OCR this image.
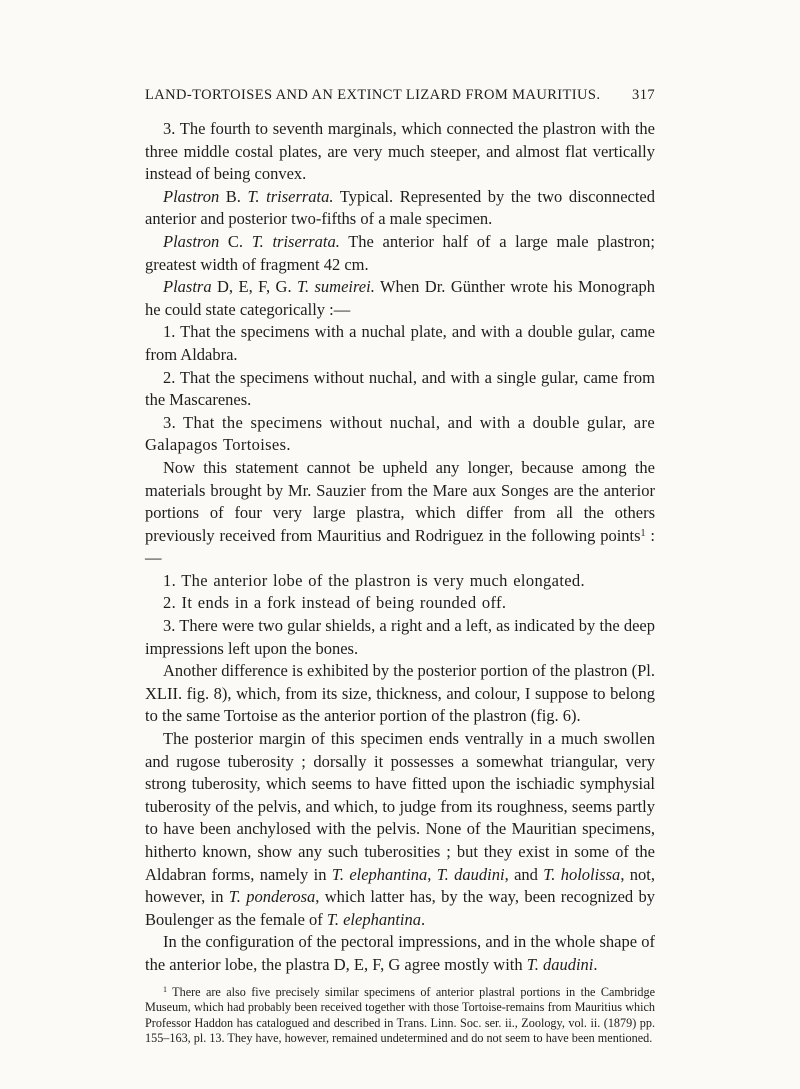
LAND-TORTOISES AND AN EXTINCT LIZARD FROM MAURITIUS. 317

3. The fourth to seventh marginals, which connected the plastron with the three middle costal plates, are very much steeper, and almost flat vertically instead of being convex.

Plastron B. T. triserrata. Typical. Represented by the two disconnected anterior and posterior two-fifths of a male specimen.

Plastron C. T. triserrata. The anterior half of a large male plastron; greatest width of fragment 42 cm.

Plastra D, E, F, G. T. sumeirei. When Dr. Günther wrote his Monograph he could state categorically :—

1. That the specimens with a nuchal plate, and with a double gular, came from Aldabra.

2. That the specimens without nuchal, and with a single gular, came from the Mascarenes.

3. That the specimens without nuchal, and with a double gular, are Galapagos Tortoises.

Now this statement cannot be upheld any longer, because among the materials brought by Mr. Sauzier from the Mare aux Songes are the anterior portions of four very large plastra, which differ from all the others previously received from Mauritius and Rodriguez in the following points$^1$ :—

1. The anterior lobe of the plastron is very much elongated.

2. It ends in a fork instead of being rounded off.

3. There were two gular shields, a right and a left, as indicated by the deep impressions left upon the bones.

Another difference is exhibited by the posterior portion of the plastron (Pl. XLII. fig. 8), which, from its size, thickness, and colour, I suppose to belong to the same Tortoise as the anterior portion of the plastron (fig. 6).

The posterior margin of this specimen ends ventrally in a much swollen and rugose tuberosity ; dorsally it possesses a somewhat triangular, very strong tuberosity, which seems to have fitted upon the ischiadic symphysial tuberosity of the pelvis, and which, to judge from its roughness, seems partly to have been anchylosed with the pelvis. None of the Mauritian specimens, hitherto known, show any such tuberosities ; but they exist in some of the Aldabran forms, namely in T. elephantina, T. daudini, and T. hololissa, not, however, in T. ponderosa, which latter has, by the way, been recognized by Boulenger as the female of T. elephantina.

In the configuration of the pectoral impressions, and in the whole shape of the anterior lobe, the plastra D, E, F, G agree mostly with T. daudini.

$^1$ There are also five precisely similar specimens of anterior plastral portions in the Cambridge Museum, which had probably been received together with those Tortoise-remains from Mauritius which Professor Haddon has catalogued and described in Trans. Linn. Soc. ser. ii., Zoology, vol. ii. (1879) pp. 155–163, pl. 13. They have, however, remained undetermined and do not seem to have been mentioned.
